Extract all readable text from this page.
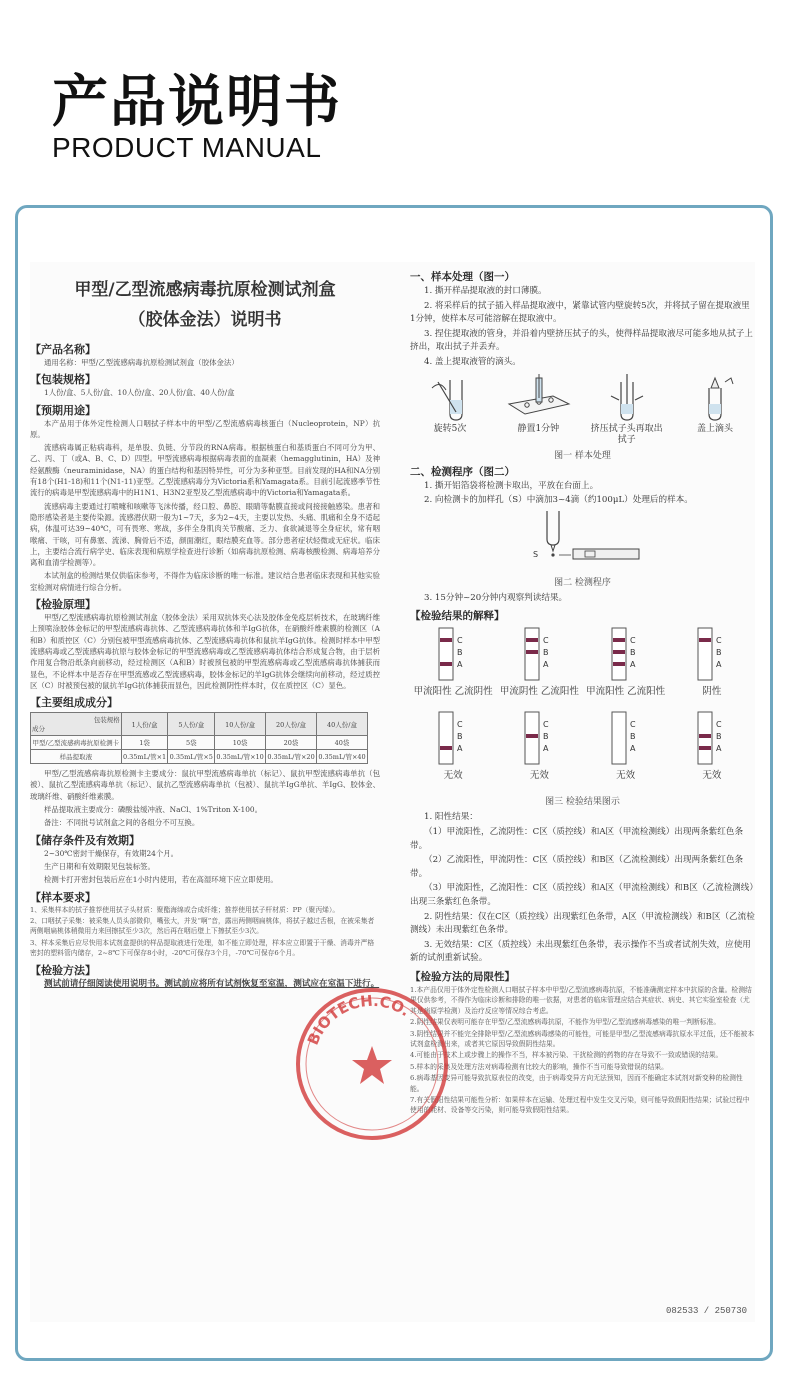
产品说明书
PRODUCT MANUAL
甲型/乙型流感病毒抗原检测试剂盒
（胶体金法）说明书
【产品名称】
通用名称：甲型/乙型流感病毒抗原检测试剂盒（胶体金法）
【包装规格】
1人份/盒、5人份/盒、10人份/盒、20人份/盒、40人份/盒
【预期用途】
本产品用于体外定性检测人口咽拭子样本中的甲型/乙型流感病毒核蛋白（Nucleoprotein，NP）抗原。
流感病毒属正粘病毒科，是单股、负链、分节段的RNA病毒。根据核蛋白和基质蛋白不同可分为甲、乙、丙、丁（或A、B、C、D）四型。甲型流感病毒根据病毒表面的血凝素（hemagglutinin，HA）及神经氨酸酶（neuraminidase，NA）的蛋白结构和基因特异性，可分为多种亚型。目前发现的HA和NA分别有18个(H1-18)和11个(N1-11)亚型。乙型流感病毒分为Victoria系和Yamagata系。目前引起流感季节性流行的病毒是甲型流感病毒中的H1N1、H3N2亚型及乙型流感病毒中的Victoria和Yamagata系。
流感病毒主要通过打喷嚏和咳嗽等飞沫传播，经口腔、鼻腔、眼睛等黏膜直接或间接接触感染。患者和隐形感染者是主要传染源。流感潜伏期一般为1~7天，多为2~4天，主要以发热、头痛、肌痛和全身不适起病，体温可达39~40℃，可有畏寒、寒战，多伴全身肌肉关节酸痛、乏力、食欲减退等全身症状，常有咽喉痛、干咳，可有鼻塞、流涕、胸骨后不适，颜面潮红，眼结膜充血等。部分患者症状轻微或无症状。临床上，主要结合流行病学史、临床表现和病原学检查进行诊断（如病毒抗原检测、病毒核酸检测、病毒培养分离和血清学检测等）。
本试剂盒的检测结果仅供临床参考，不得作为临床诊断的唯一标准。建议结合患者临床表现和其他实验室检测对病情进行综合分析。
【检验原理】
甲型/乙型流感病毒抗原检测试剂盒（胶体金法）采用双抗体夹心法及胶体金免疫层析技术，在玻璃纤维上预喷涂胶体金标记的甲型流感病毒抗体、乙型流感病毒抗体和羊IgG抗体，在硝酸纤维素膜的检测区（A和B）和质控区（C）分别包被甲型流感病毒抗体、乙型流感病毒抗体和鼠抗羊IgG抗体。检测时样本中甲型流感病毒或乙型流感病毒抗原与胶体金标记的甲型流感病毒或乙型流感病毒抗体结合形成复合物，由于层析作用复合物沿纸条向前移动，经过检测区（A和B）时被预包被的甲型流感病毒或乙型流感病毒抗体捕获而显色，不论样本中是否存在甲型流感或乙型流感病毒，胶体金标记的羊IgG抗体会继续向前移动，经过质控区（C）时被预包被的鼠抗羊IgG抗体捕获而显色，因此检测阴性样本时，仅在质控区（C）显色。
【主要组成成分】
包装规格
成分	1人份/盒	5人份/盒	10人份/盒	20人份/盒	40人份/盒
甲型/乙型流感病毒抗原检测卡	1袋	5袋	10袋	20袋	40袋
样品提取液	0.35mL/管×1	0.35mL/管×5	0.35mL/管×10	0.35mL/管×20	0.35mL/管×40
甲型/乙型流感病毒抗原检测卡主要成分：鼠抗甲型流感病毒单抗（标记）、鼠抗甲型流感病毒单抗（包被）、鼠抗乙型流感病毒单抗（标记）、鼠抗乙型流感病毒单抗（包被）、鼠抗羊IgG单抗、羊IgG、胶体金、玻璃纤维、硝酸纤维素膜。
样品提取液主要成分：磷酸盐缓冲液、NaCl、1%Triton X-100。
备注：不同批号试剂盒之间的各组分不可互换。
【储存条件及有效期】
2~30℃密封干燥保存，有效期24个月。
生产日期和有效期限见包装标签。
检测卡打开密封包装后应在1小时内使用，若在高湿环境下应立即使用。
【样本要求】
1、采集样本的拭子推荐使用拭子头材质：聚酯海绵或合成纤维；推荐使用拭子杆材质：PP（聚丙烯）。
2、口咽拭子采集：被采集人员头部微仰，嘴张大，并发“啊”音，露出两侧咽扁桃体，将拭子越过舌根，在被采集者两侧咽扁桃体稍微用力来回擦拭至少3次，然后再在咽后壁上下擦拭至少3次。
3、样本采集后应尽快用本试剂盒提供的样品提取液进行处理，如不能立即处理，样本应立即置于干燥、消毒并严格密封的塑料管内储存，2~8℃下可保存8小时，-20℃可保存3个月，-70℃可保存6个月。
【检验方法】
测试前请仔细阅读使用说明书。测试前应将所有试剂恢复至室温，测试应在室温下进行。
一、样本处理（图一）
1. 撕开样品提取液的封口薄膜。
2. 将采样后的拭子插入样品提取液中，紧靠试管内壁旋转5次，并将拭子留在提取液里1分钟，使样本尽可能溶解在提取液中。
3. 捏住提取液的管身，并沿着内壁挤压拭子的头，使得样品提取液尽可能多地从拭子上挤出，取出拭子并丢弃。
4. 盖上提取液管的滴头。
旋转5次	静置1分钟	挤压拭子头再取出拭子
盖上滴头
图一 样本处理
二、检测程序（图二）
1. 撕开铝箔袋将检测卡取出，平放在台面上。
2. 向检测卡的加样孔（S）中滴加3~4滴（约100μL）处理后的样本。
S
图二 检测程序
3. 15分钟~20分钟内观察判读结果。
【检验结果的解释】
C
B
A
甲流阳性 乙流阴性
C
B
A
甲流阴性 乙流阳性
C
B
A
甲流阳性 乙流阳性
C
B
A
阴性
C
B
A
无效
C
B
A
无效
C
B
A
无效
C
B
A
无效
图三 检验结果图示
1. 阳性结果：
（1）甲流阳性，乙流阴性：C区（质控线）和A区（甲流检测线）出现两条紫红色条带。
（2）乙流阳性，甲流阴性：C区（质控线）和B区（乙流检测线）出现两条紫红色条带。
（3）甲流阳性，乙流阳性：C区（质控线）和A区（甲流检测线）和B区（乙流检测线）出现三条紫红色条带。
2. 阴性结果：仅在C区（质控线）出现紫红色条带，A区（甲流检测线）和B区（乙流检测线）未出现紫红色条带。
3. 无效结果：C区（质控线）未出现紫红色条带，表示操作不当或者试剂失效，应使用新的试剂重新试验。
【检验方法的局限性】
1.本产品仅用于体外定性检测人口咽拭子样本中甲型/乙型流感病毒抗原，不能准确测定样本中抗原的含量。检测结果仅供参考，不得作为临床诊断和排除的唯一依据，对患者的临床管理应结合其症状、病史、其它实验室检查（尤其是病原学检测）及治疗反应等情况综合考虑。
2.阴性结果仅表明可能存在甲型/乙型流感病毒抗原，不能作为甲型/乙型流感病毒感染的唯一判断标准。
3.阴性结果并不能完全排除甲型/乙型流感病毒感染的可能性，可能是甲型/乙型流感病毒抗原水平过低，还不能被本试剂盒检测出来，或者其它原因导致假阴性结果。
4.可能由于技术上或步骤上的操作不当，样本被污染、干扰检测的药物的存在导致不一致或错误的结果。
5.样本的采集及处理方法对病毒检测有比较大的影响，操作不当可能导致错误的结果。
6.病毒基因变异可能导致抗原表位的改变，由于病毒变异方向无法预知，因而不能确定本试剂对新变种的检测性能。
7.有关假阳性结果可能性分析：如果样本在运输、处理过程中发生交叉污染，则可能导致假阳性结果；试验过程中使用的耗材、设备等交污染，则可能导致假阳性结果。
BIOTECH.CO.
082533 / 250730
